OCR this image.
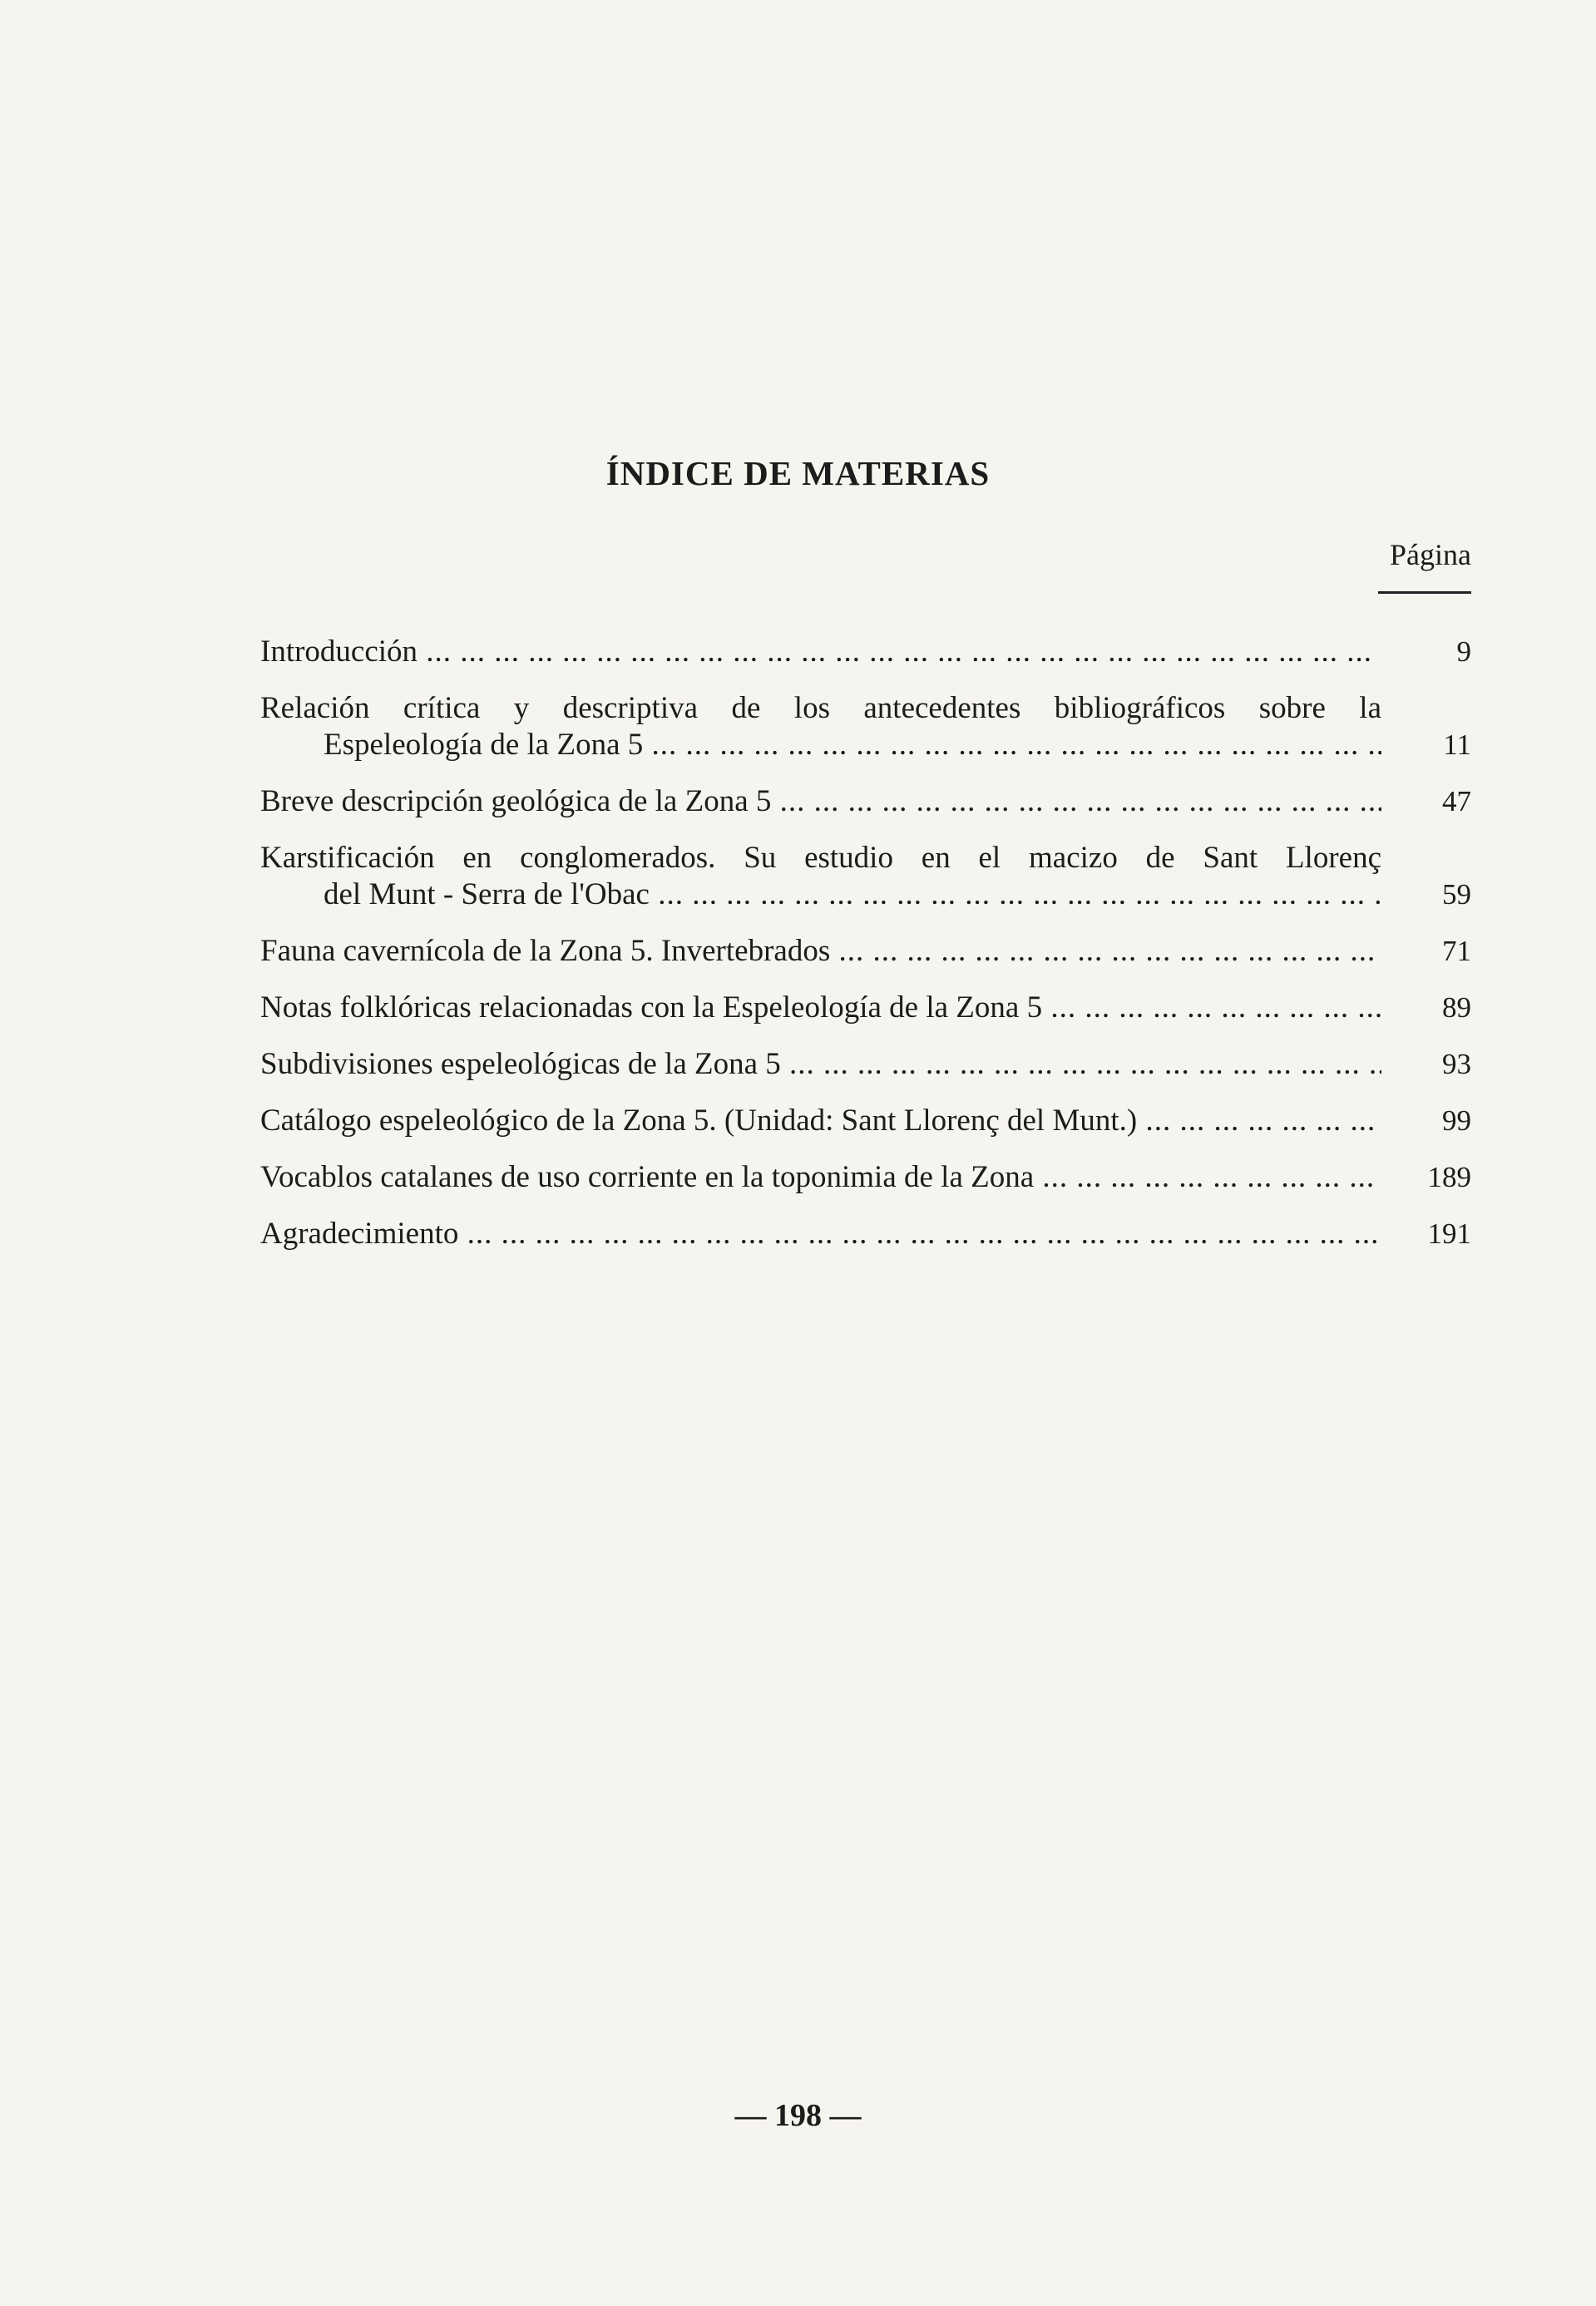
ÍNDICE DE MATERIAS
Página
Introducción ... .	9
Relación crítica y descriptiva de los antecedentes bibliográficos sobre la
Espeleología de la Zona 5 ... .	11
Breve descripción geológica de la Zona 5 ... .	47
Karstificación en conglomerados. Su estudio en el macizo de Sant Llorenç
del Munt - Serra de l'Obac ... .	59
Fauna cavernícola de la Zona 5. Invertebrados ... .	71
Notas folklóricas relacionadas con la Espeleología de la Zona 5 ... .	89
Subdivisiones espeleológicas de la Zona 5 ... .	93
Catálogo espeleológico de la Zona 5. (Unidad: Sant Llorenç del Munt.) ... .	99
Vocablos catalanes de uso corriente en la toponimia de la Zona ... .	189
Agradecimiento ... .	191
— 198 —
